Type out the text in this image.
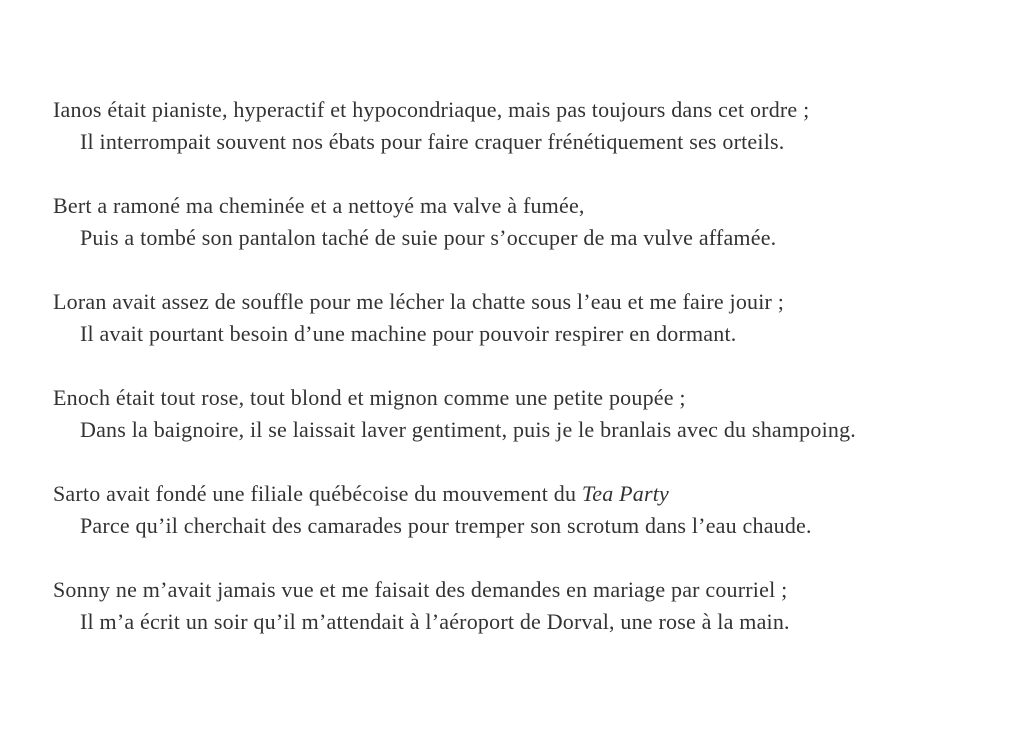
Ianos était pianiste, hyperactif et hypocondriaque, mais pas toujours dans cet ordre ;

Il interrompait souvent nos ébats pour faire craquer frénétiquement ses orteils.

Bert a ramoné ma cheminée et a nettoyé ma valve à fumée,

Puis a tombé son pantalon taché de suie pour s’occuper de ma vulve affamée.

Loran avait assez de souffle pour me lécher la chatte sous l’eau et me faire jouir ;

Il avait pourtant besoin d’une machine pour pouvoir respirer en dormant.

Enoch était tout rose, tout blond et mignon comme une petite poupée ;

Dans la baignoire, il se laissait laver gentiment, puis je le branlais avec du shampoing.

Sarto avait fondé une filiale québécoise du mouvement du Tea Party

Parce qu’il cherchait des camarades pour tremper son scrotum dans l’eau chaude.

Sonny ne m’avait jamais vue et me faisait des demandes en mariage par courriel ;

Il m’a écrit un soir qu’il m’attendait à l’aéroport de Dorval, une rose à la main.
